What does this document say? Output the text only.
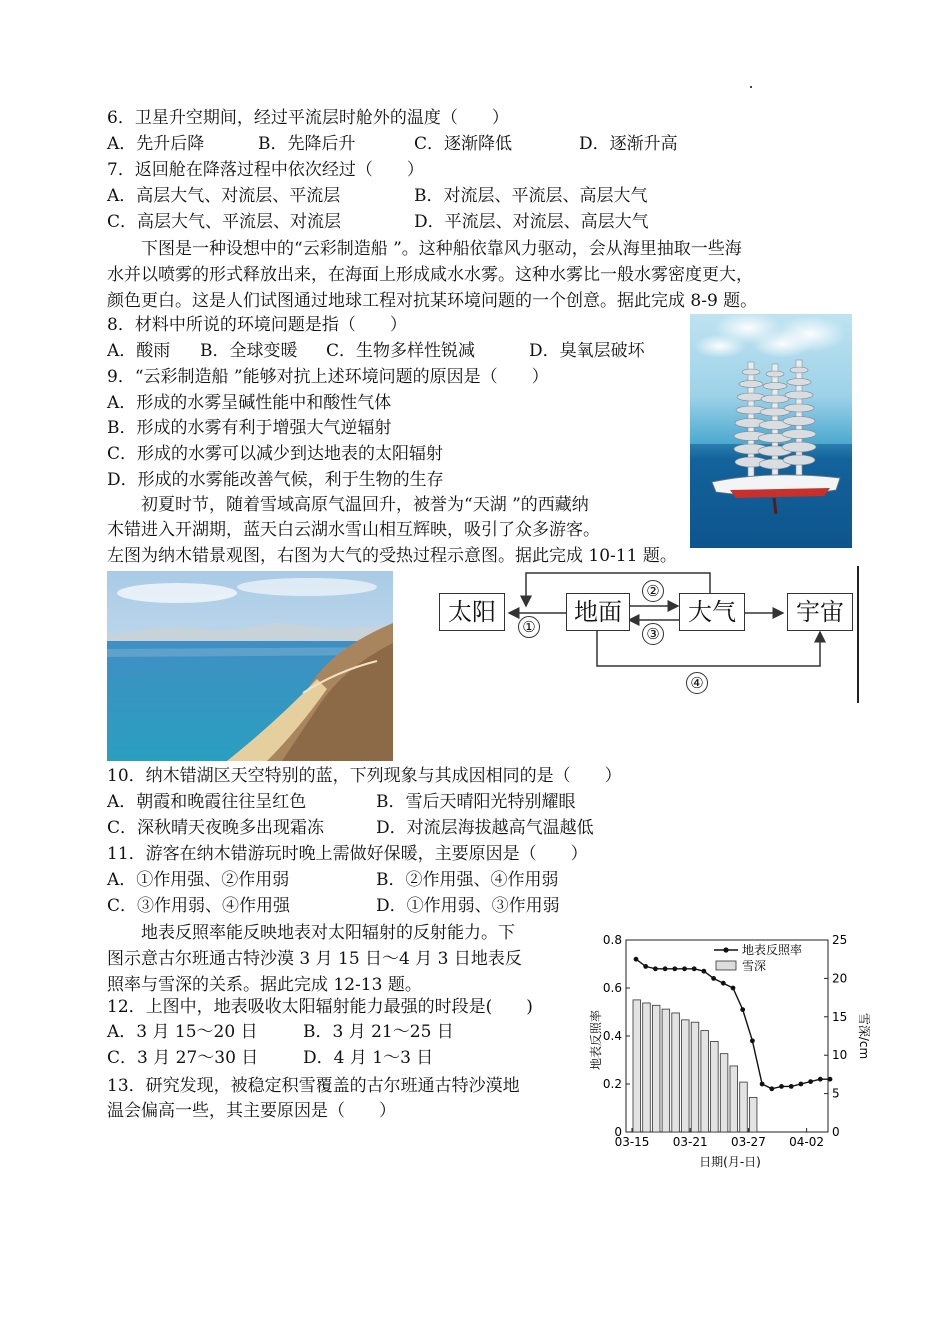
6．卫星升空期间，经过平流层时舱外的温度（　　）
A．先升后降	B．先降后升	C．逐渐降低	D．逐渐升高
7．返回舱在降落过程中依次经过（　　）
A．高层大气、对流层、平流层	B．对流层、平流层、高层大气
C．高层大气、平流层、对流层	D．平流层、对流层、高层大气
　　下图是一种设想中的“云彩制造船 ”。这种船依靠风力驱动，会从海里抽取一些海
水并以喷雾的形式释放出来，在海面上形成咸水水雾。这种水雾比一般水雾密度更大，
颜色更白。这是人们试图通过地球工程对抗某环境问题的一个创意。据此完成 8-9 题。
8．材料中所说的环境问题是指（　　）
A．酸雨 B．全球变暖 C．生物多样性锐减	D．臭氧层破坏
9．“云彩制造船 ”能够对抗上述环境问题的原因是（　　）
A．形成的水雾呈碱性能中和酸性气体
B．形成的水雾有利于增强大气逆辐射
C．形成的水雾可以减少到达地表的太阳辐射
D．形成的水雾能改善气候，利于生物的生存
　　初夏时节，随着雪域高原气温回升，被誉为“天湖 ”的西藏纳
木错进入开湖期，蓝天白云湖水雪山相互辉映，吸引了众多游客。
左图为纳木错景观图，右图为大气的受热过程示意图。据此完成 10-11 题。
太阳	地面	大气	宇宙
①
②
③
④
10．纳木错湖区天空特别的蓝，下列现象与其成因相同的是（　　）
A．朝霞和晚霞往往呈红色	B．雪后天晴阳光特别耀眼
C．深秋晴天夜晚多出现霜冻	D．对流层海拔越高气温越低
11．游客在纳木错游玩时晚上需做好保暖，主要原因是（　　）
A．①作用强、②作用弱	B．②作用强、④作用弱
C．③作用弱、④作用强	D．①作用弱、③作用弱
　　地表反照率能反映地表对太阳辐射的反射能力。下
图示意古尔班通古特沙漠 3 月 15 日～4 月 3 日地表反
照率与雪深的关系。据此完成 12-13 题。
12．上图中，地表吸收太阳辐射能力最强的时段是(　　)
A．3 月 15～20 日	B．3 月 21～25 日
C．3 月 27～30 日	D．4 月 1～3 日
13．研究发现，被稳定积雪覆盖的古尔班通古特沙漠地
温会偏高一些，其主要原因是（　　）
0
0.2
0.4
0.6
0.8
0
5
10
15
20
25
03-15 03-21 03-27 04-02
地表反照率	雪深/cm
日期(月-日)
地表反照率
雪深
